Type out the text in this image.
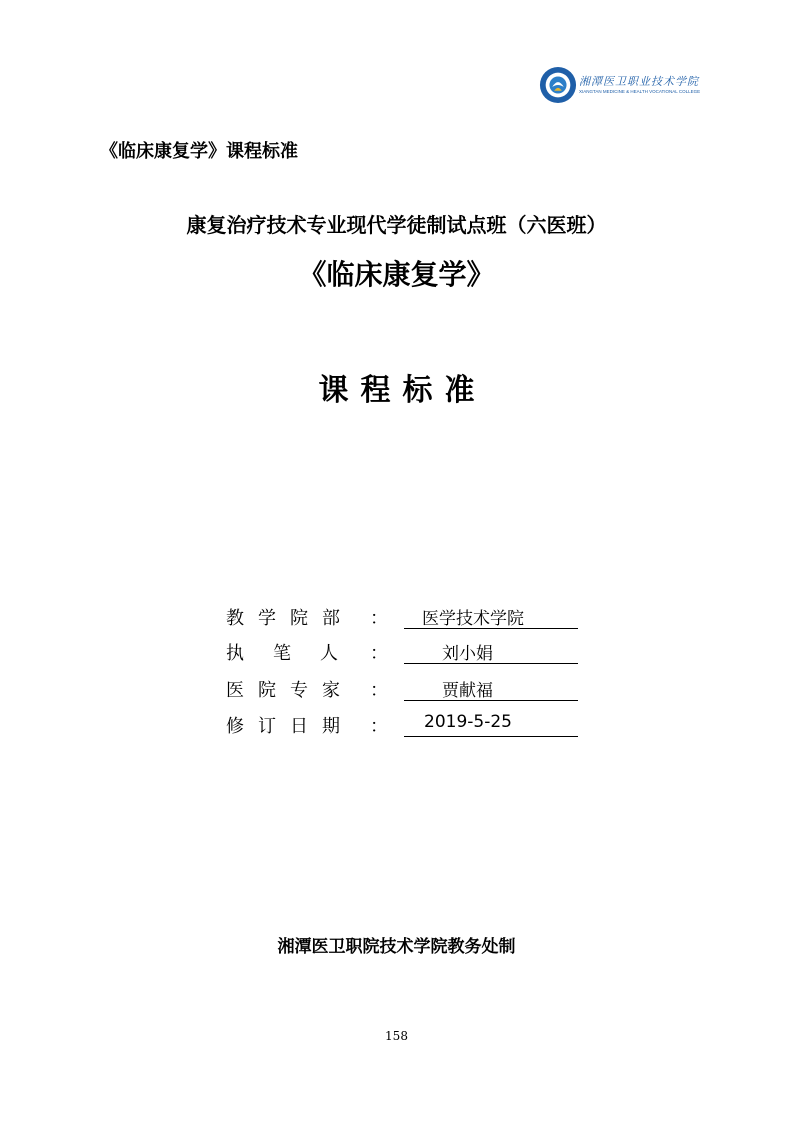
湘潭医卫职业技术学院
XIANGTAN MEDICINE & HEALTH VOCATIONAL COLLEGE
《临床康复学》课程标准
康复治疗技术专业现代学徒制试点班（六医班）
《临床康复学》
课程标准
教学院部 ：	医学技术学院
执笔人 ：	刘小娟
医院专家 ：	贾献福
修订日期 ：	2019-5-25
湘潭医卫职院技术学院教务处制
158
